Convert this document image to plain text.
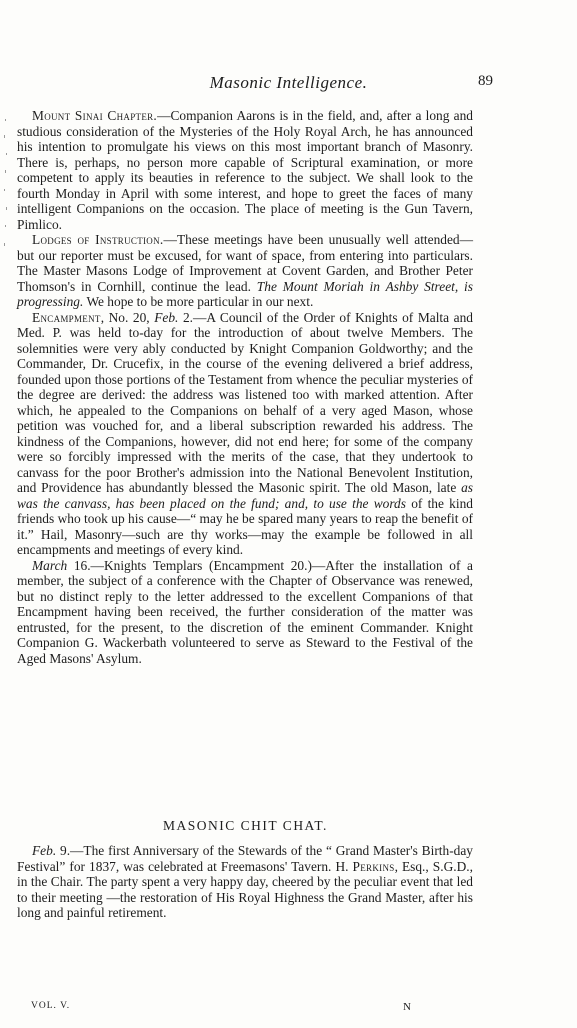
Masonic Intelligence.	89

Mount Sinai Chapter.—Companion Aarons is in the field, and, after a long and studious consideration of the Mysteries of the Holy Royal Arch, he has announced his intention to promulgate his views on this most important branch of Masonry. There is, perhaps, no person more capable of Scriptural examination, or more competent to apply its beauties in reference to the subject. We shall look to the fourth Monday in April with some interest, and hope to greet the faces of many intelligent Companions on the occasion. The place of meeting is the Gun Tavern, Pimlico.

Lodges of Instruction.—These meetings have been unusually well attended—but our reporter must be excused, for want of space, from entering into particulars. The Master Masons Lodge of Improvement at Covent Garden, and Brother Peter Thomson's in Cornhill, continue the lead. The Mount Moriah in Ashby Street, is progressing. We hope to be more particular in our next.

Encampment, No. 20, Feb. 2.—A Council of the Order of Knights of Malta and Med. P. was held to-day for the introduction of about twelve Members. The solemnities were very ably conducted by Knight Companion Goldworthy; and the Commander, Dr. Crucefix, in the course of the evening delivered a brief address, founded upon those portions of the Testament from whence the peculiar mysteries of the degree are derived: the address was listened too with marked attention. After which, he appealed to the Companions on behalf of a very aged Mason, whose petition was vouched for, and a liberal subscription rewarded his address. The kindness of the Companions, however, did not end here; for some of the company were so forcibly impressed with the merits of the case, that they undertook to canvass for the poor Brother's admission into the National Benevolent Institution, and Providence has abundantly blessed the Masonic spirit. The old Mason, late as was the canvass, has been placed on the fund; and, to use the words of the kind friends who took up his cause—“ may he be spared many years to reap the benefit of it.” Hail, Masonry—such are thy works—may the example be followed in all encampments and meetings of every kind.

March 16.—Knights Templars (Encampment 20.)—After the installation of a member, the subject of a conference with the Chapter of Observance was renewed, but no distinct reply to the letter addressed to the excellent Companions of that Encampment having been received, the further consideration of the matter was entrusted, for the present, to the discretion of the eminent Commander. Knight Companion G. Wackerbath volunteered to serve as Steward to the Festival of the Aged Masons' Asylum.

MASONIC CHIT CHAT.

Feb. 9.—The first Anniversary of the Stewards of the “ Grand Master's Birth-day Festival” for 1837, was celebrated at Freemasons' Tavern. H. Perkins, Esq., S.G.D., in the Chair. The party spent a very happy day, cheered by the peculiar event that led to their meeting —the restoration of His Royal Highness the Grand Master, after his long and painful retirement.

VOL. V.	N
